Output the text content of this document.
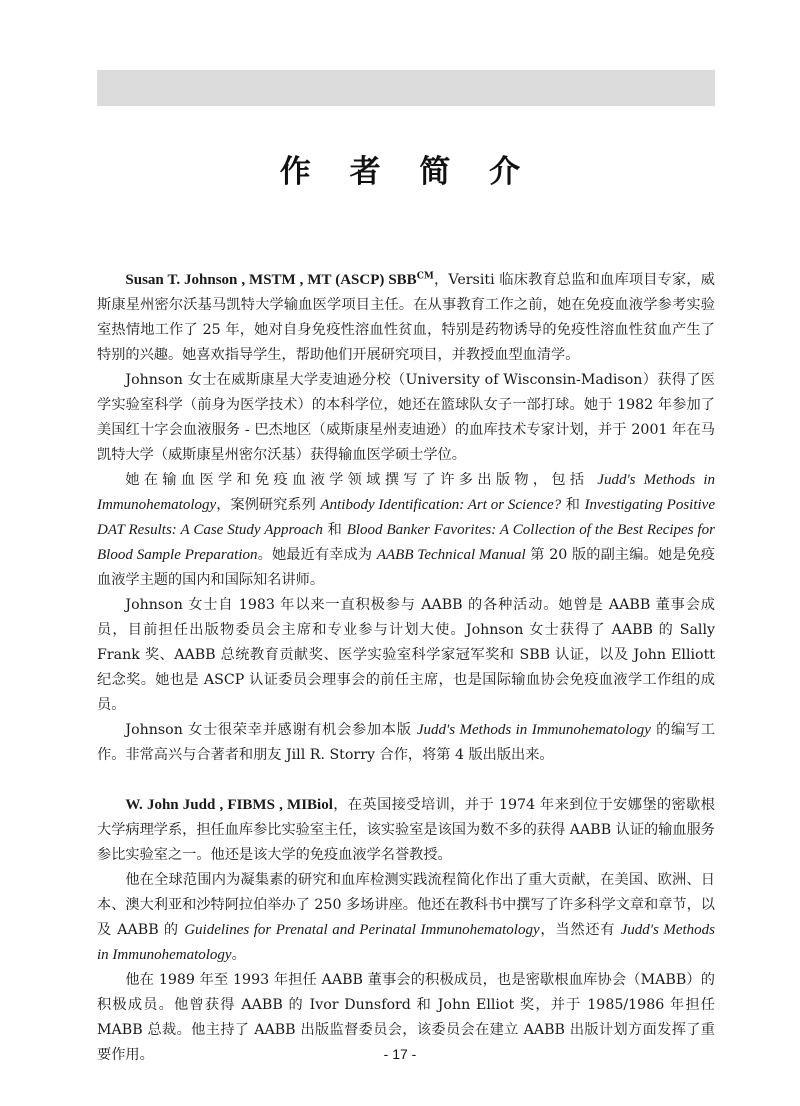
作 者 简 介

Susan T. Johnson , MSTM , MT (ASCP) $SBB^{CM}$，Versiti 临床教育总监和血库项目专家，威斯康星州密尔沃基马凯特大学输血医学项目主任。在从事教育工作之前，她在免疫血液学参考实验室热情地工作了 25 年，她对自身免疫性溶血性贫血，特别是药物诱导的免疫性溶血性贫血产生了特别的兴趣。她喜欢指导学生，帮助他们开展研究项目，并教授血型血清学。

Johnson 女士在威斯康星大学麦迪逊分校（University of Wisconsin-Madison）获得了医学实验室科学（前身为医学技术）的本科学位，她还在篮球队女子一部打球。她于 1982 年参加了美国红十字会血液服务 - 巴杰地区（威斯康星州麦迪逊）的血库技术专家计划，并于 2001 年在马凯特大学（威斯康星州密尔沃基）获得输血医学硕士学位。

她在输血医学和免疫血液学领域撰写了许多出版物，包括 Judd's Methods in Immunohematology，案例研究系列 Antibody Identification: Art or Science? 和 Investigating Positive DAT Results: A Case Study Approach 和 Blood Banker Favorites: A Collection of the Best Recipes for Blood Sample Preparation。她最近有幸成为 AABB Technical Manual 第 20 版的副主编。她是免疫血液学主题的国内和国际知名讲师。

Johnson 女士自 1983 年以来一直积极参与 AABB 的各种活动。她曾是 AABB 董事会成员，目前担任出版物委员会主席和专业参与计划大使。Johnson 女士获得了 AABB 的 Sally Frank 奖、AABB 总统教育贡献奖、医学实验室科学家冠军奖和 SBB 认证，以及 John Elliott 纪念奖。她也是 ASCP 认证委员会理事会的前任主席，也是国际输血协会免疫血液学工作组的成员。

Johnson 女士很荣幸并感谢有机会参加本版 Judd's Methods in Immunohematology 的编写工作。非常高兴与合著者和朋友 Jill R. Storry 合作，将第 4 版出版出来。

W. John Judd , FIBMS , MIBiol，在英国接受培训，并于 1974 年来到位于安娜堡的密歇根大学病理学系，担任血库参比实验室主任，该实验室是该国为数不多的获得 AABB 认证的输血服务参比实验室之一。他还是该大学的免疫血液学名誉教授。

他在全球范围内为凝集素的研究和血库检测实践流程简化作出了重大贡献，在美国、欧洲、日本、澳大利亚和沙特阿拉伯举办了 250 多场讲座。他还在教科书中撰写了许多科学文章和章节，以及 AABB 的 Guidelines for Prenatal and Perinatal Immunohematology，当然还有 Judd's Methods in Immunohematology。

他在 1989 年至 1993 年担任 AABB 董事会的积极成员，也是密歇根血库协会（MABB）的积极成员。他曾获得 AABB 的 Ivor Dunsford 和 John Elliot 奖，并于 1985/1986 年担任 MABB 总裁。他主持了 AABB 出版监督委员会，该委员会在建立 AABB 出版计划方面发挥了重要作用。	- 17 -
